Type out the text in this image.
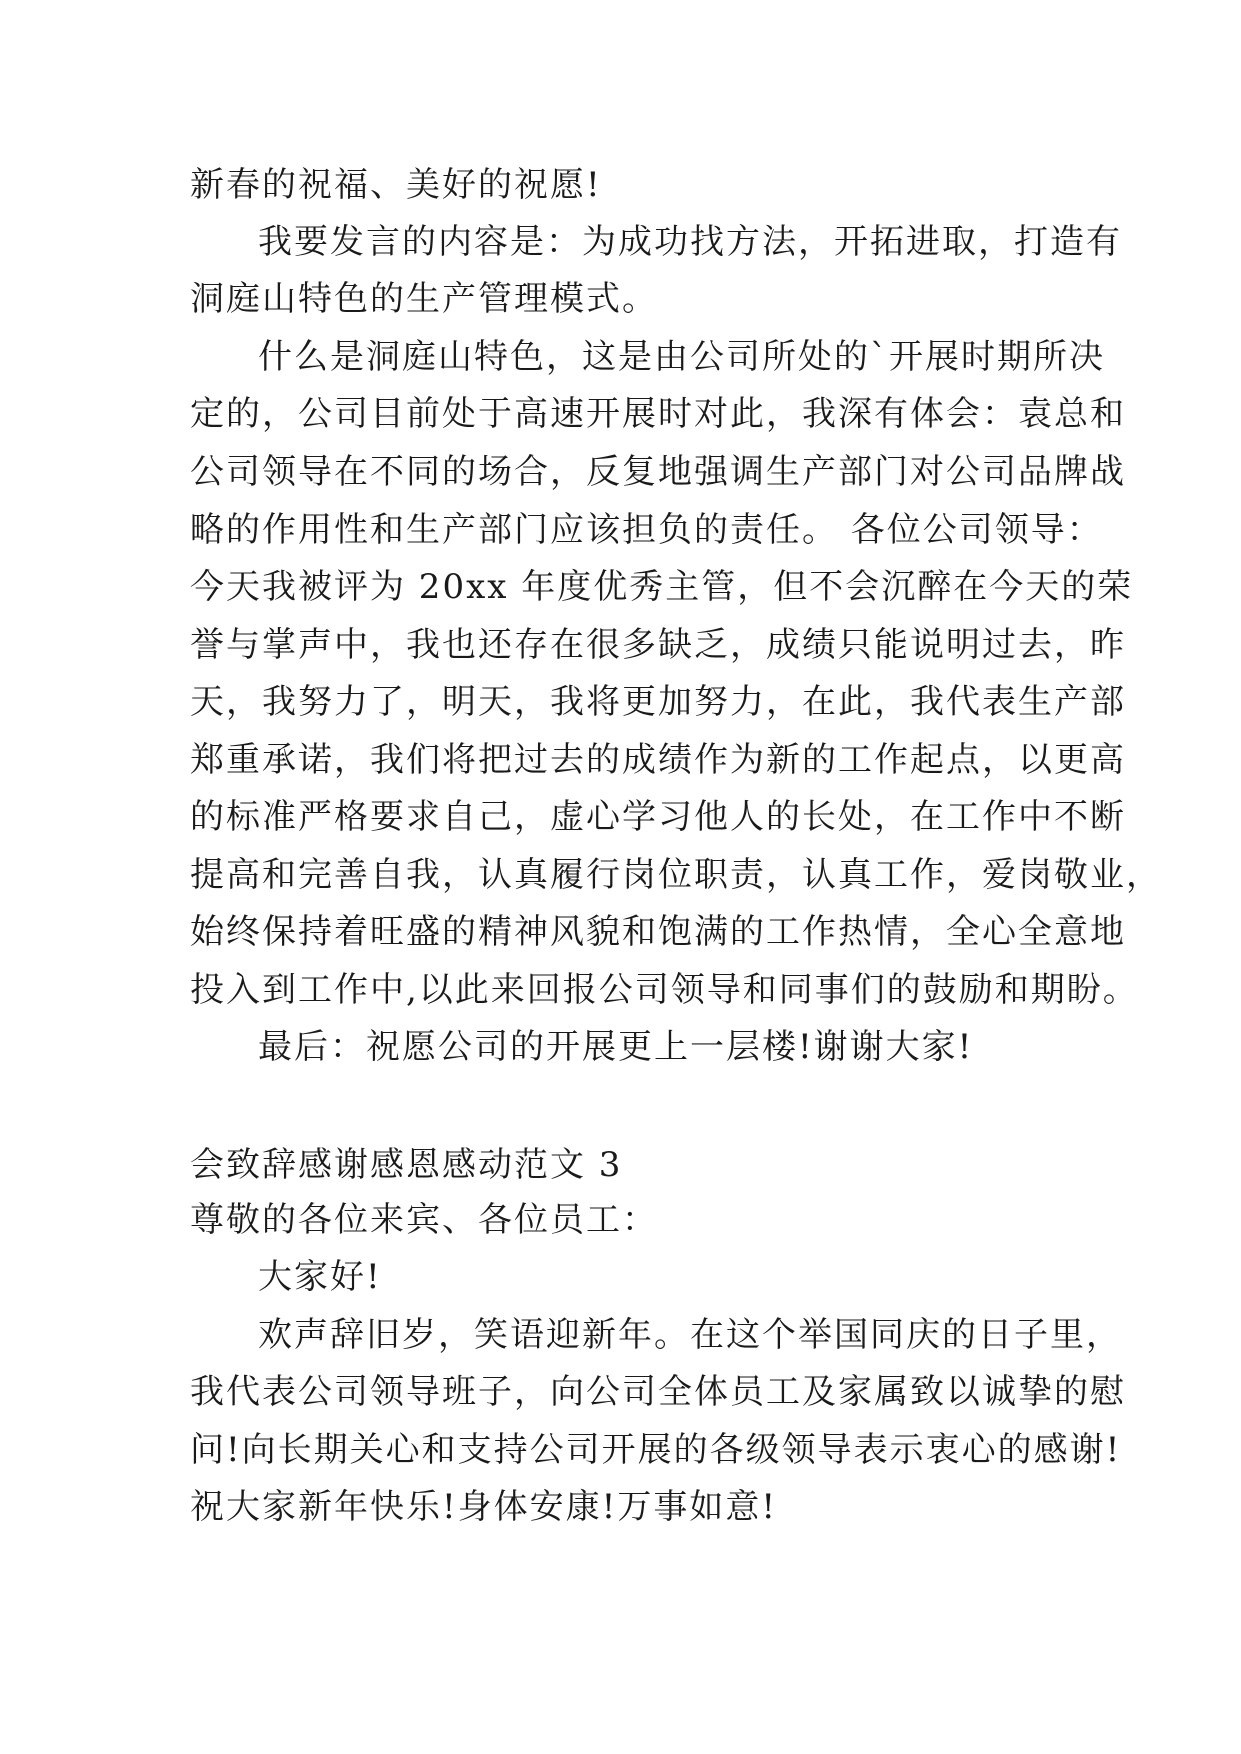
新春的祝福、美好的祝愿!
我要发言的内容是：为成功找方法，开拓进取，打造有
洞庭山特色的生产管理模式。
什么是洞庭山特色，这是由公司所处的`开展时期所决
定的，公司目前处于高速开展时对此，我深有体会：袁总和
公司领导在不同的场合，反复地强调生产部门对公司品牌战
略的作用性和生产部门应该担负的责任。 各位公司领导：
今天我被评为 20xx 年度优秀主管，但不会沉醉在今天的荣
誉与掌声中，我也还存在很多缺乏，成绩只能说明过去，昨
天，我努力了，明天，我将更加努力，在此，我代表生产部
郑重承诺，我们将把过去的成绩作为新的工作起点，以更高
的标准严格要求自己，虚心学习他人的长处，在工作中不断
提高和完善自我，认真履行岗位职责，认真工作，爱岗敬业，
始终保持着旺盛的精神风貌和饱满的工作热情，全心全意地
投入到工作中,以此来回报公司领导和同事们的鼓励和期盼。
最后：祝愿公司的开展更上一层楼!谢谢大家!
会致辞感谢感恩感动范文 3
尊敬的各位来宾、各位员工：
大家好!
欢声辞旧岁，笑语迎新年。在这个举国同庆的日子里，
我代表公司领导班子，向公司全体员工及家属致以诚挚的慰
问!向长期关心和支持公司开展的各级领导表示衷心的感谢!
祝大家新年快乐!身体安康!万事如意!
